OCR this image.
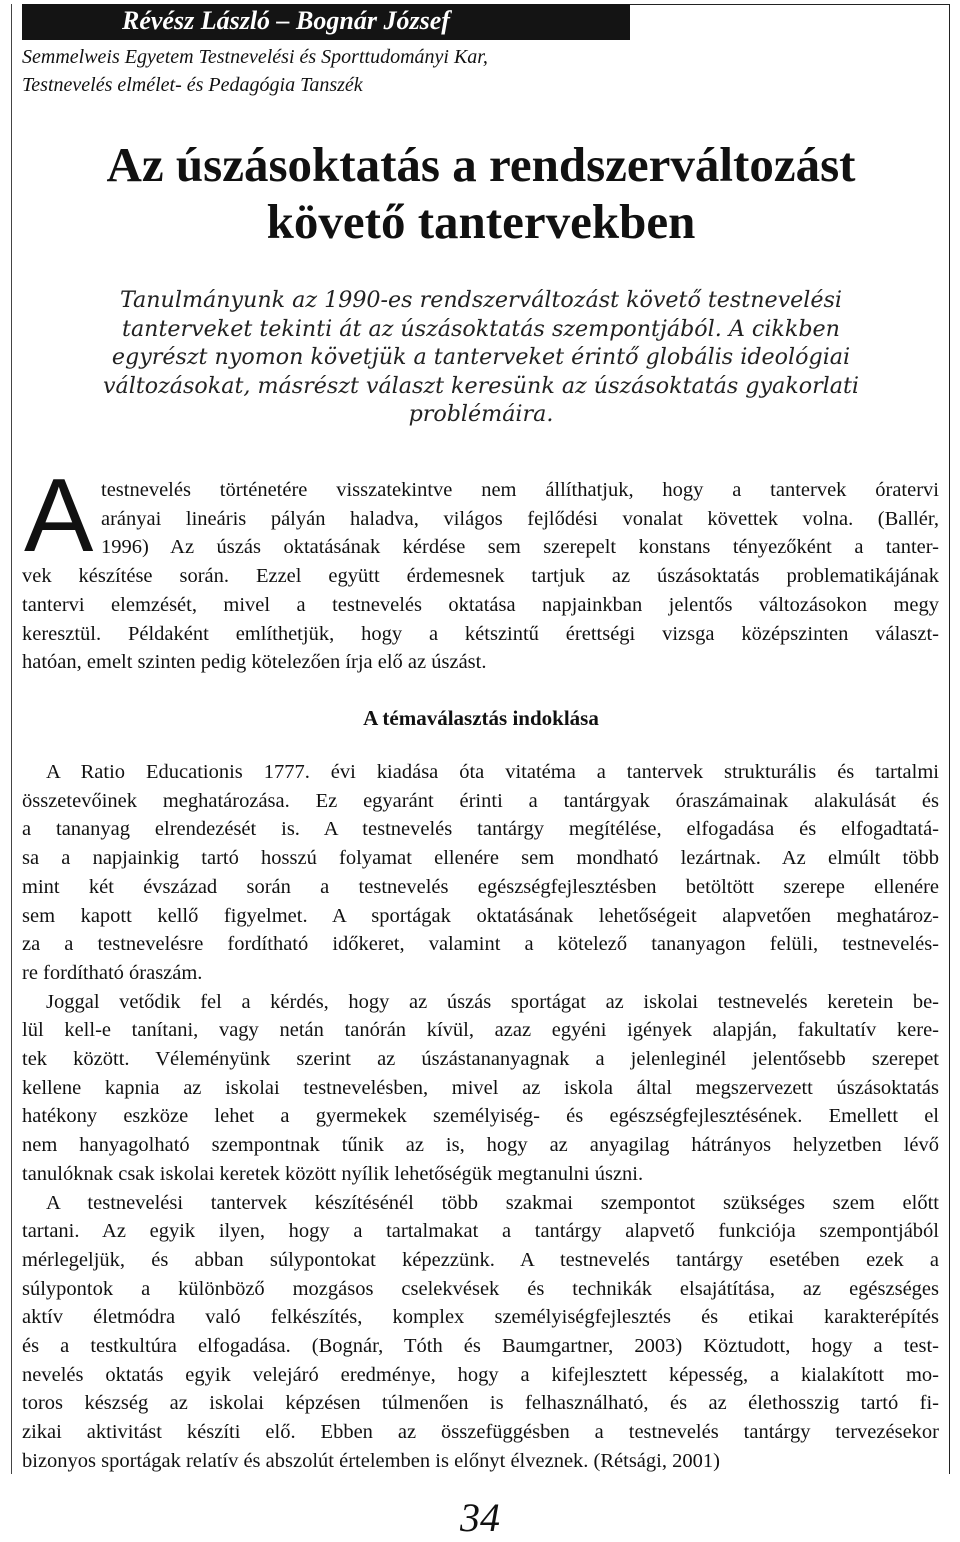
Révész László – Bognár József
Semmelweis Egyetem Testnevelési és Sporttudományi Kar,
Testnevelés elmélet- és Pedagógia Tanszék
Az úszásoktatás a rendszerváltozást
követő tantervekben
Tanulmányunk az 1990-es rendszerváltozást követő testnevelési
tanterveket tekinti át az úszásoktatás szempontjából. A cikkben
egyrészt nyomon követjük a tanterveket érintő globális ideológiai
változásokat, másrészt választ keresünk az úszásoktatás gyakorlati
problémáira.
A testnevelés történetére visszatekintve nem állíthatjuk, hogy a tantervek óratervi
arányai lineáris pályán haladva, világos fejlődési vonalat követtek volna. (Ballér,
1996) Az úszás oktatásának kérdése sem szerepelt konstans tényezőként a tanter-
vek készítése során. Ezzel együtt érdemesnek tartjuk az úszásoktatás problematikájának
tantervi elemzését, mivel a testnevelés oktatása napjainkban jelentős változásokon megy
keresztül. Példaként említhetjük, hogy a kétszintű érettségi vizsga középszinten választ-
hatóan, emelt szinten pedig kötelezően írja elő az úszást.
A témaválasztás indoklása
A Ratio Educationis 1777. évi kiadása óta vitatéma a tantervek strukturális és tartalmi
összetevőinek meghatározása. Ez egyaránt érinti a tantárgyak óraszámainak alakulását és
a tananyag elrendezését is. A testnevelés tantárgy megítélése, elfogadása és elfogadtatá-
sa a napjainkig tartó hosszú folyamat ellenére sem mondható lezártnak. Az elmúlt több
mint két évszázad során a testnevelés egészségfejlesztésben betöltött szerepe ellenére
sem kapott kellő figyelmet. A sportágak oktatásának lehetőségeit alapvetően meghatároz-
za a testnevelésre fordítható időkeret, valamint a kötelező tananyagon felüli, testnevelés-
re fordítható óraszám.
Joggal vetődik fel a kérdés, hogy az úszás sportágat az iskolai testnevelés keretein be-
lül kell-e tanítani, vagy netán tanórán kívül, azaz egyéni igények alapján, fakultatív kere-
tek között. Véleményünk szerint az úszástananyagnak a jelenleginél jelentősebb szerepet
kellene kapnia az iskolai testnevelésben, mivel az iskola által megszervezett úszásoktatás
hatékony eszköze lehet a gyermekek személyiség- és egészségfejlesztésének. Emellett el
nem hanyagolható szempontnak tűnik az is, hogy az anyagilag hátrányos helyzetben lévő
tanulóknak csak iskolai keretek között nyílik lehetőségük megtanulni úszni.
A testnevelési tantervek készítésénél több szakmai szempontot szükséges szem előtt
tartani. Az egyik ilyen, hogy a tartalmakat a tantárgy alapvető funkciója szempontjából
mérlegeljük, és abban súlypontokat képezzünk. A testnevelés tantárgy esetében ezek a
súlypontok a különböző mozgásos cselekvések és technikák elsajátítása, az egészséges
aktív életmódra való felkészítés, komplex személyiségfejlesztés és etikai karakterépítés
és a testkultúra elfogadása. (Bognár, Tóth és Baumgartner, 2003) Köztudott, hogy a test-
nevelés oktatás egyik velejáró eredménye, hogy a kifejlesztett képesség, a kialakított mo-
toros készség az iskolai képzésen túlmenően is felhasználható, és az élethosszig tartó fi-
zikai aktivitást készíti elő. Ebben az összefüggésben a testnevelés tantárgy tervezésekor
bizonyos sportágak relatív és abszolút értelemben is előnyt élveznek. (Rétsági, 2001)
34
